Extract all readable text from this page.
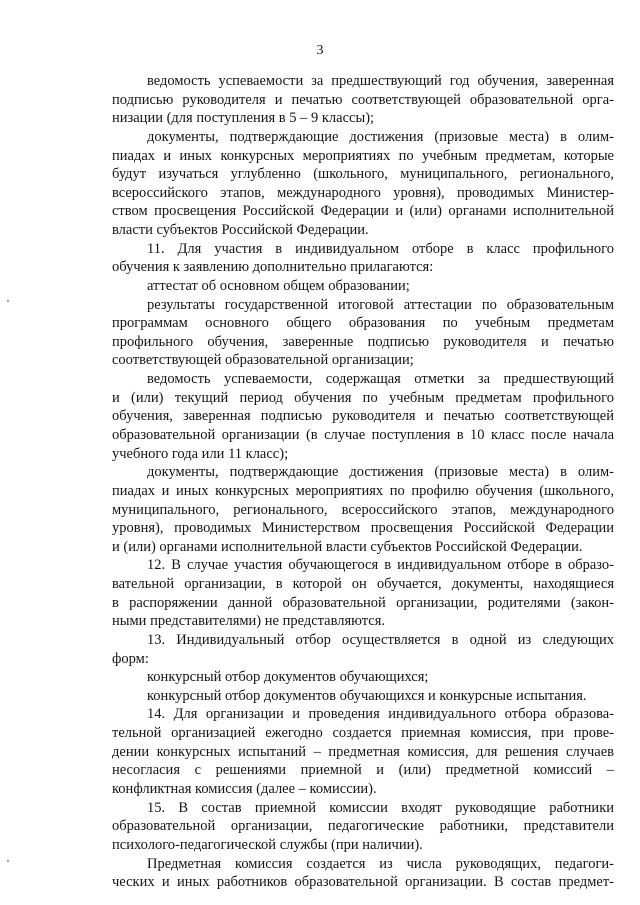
3
ведомость успеваемости за предшествующий год обучения, заверенная
подписью руководителя и печатью соответствующей образовательной орга-
низации (для поступления в 5 – 9 классы);
документы, подтверждающие достижения (призовые места) в олим-
пиадах и иных конкурсных мероприятиях по учебным предметам, которые
будут изучаться углубленно (школьного, муниципального, регионального,
всероссийского этапов, международного уровня), проводимых Министер-
ством просвещения Российской Федерации и (или) органами исполнительной
власти субъектов Российской Федерации.
11. Для участия в индивидуальном отборе в класс профильного
обучения к заявлению дополнительно прилагаются:
аттестат об основном общем образовании;
результаты государственной итоговой аттестации по образовательным
программам основного общего образования по учебным предметам
профильного обучения, заверенные подписью руководителя и печатью
соответствующей образовательной организации;
ведомость успеваемости, содержащая отметки за предшествующий
и (или) текущий период обучения по учебным предметам профильного
обучения, заверенная подписью руководителя и печатью соответствующей
образовательной организации (в случае поступления в 10 класс после начала
учебного года или 11 класс);
документы, подтверждающие достижения (призовые места) в олим-
пиадах и иных конкурсных мероприятиях по профилю обучения (школьного,
муниципального, регионального, всероссийского этапов, международного
уровня), проводимых Министерством просвещения Российской Федерации
и (или) органами исполнительной власти субъектов Российской Федерации.
12. В случае участия обучающегося в индивидуальном отборе в образо-
вательной организации, в которой он обучается, документы, находящиеся
в распоряжении данной образовательной организации, родителями (закон-
ными представителями) не представляются.
13. Индивидуальный отбор осуществляется в одной из следующих
форм:
конкурсный отбор документов обучающихся;
конкурсный отбор документов обучающихся и конкурсные испытания.
14. Для организации и проведения индивидуального отбора образова-
тельной организацией ежегодно создается приемная комиссия, при прове-
дении конкурсных испытаний – предметная комиссия, для решения случаев
несогласия с решениями приемной и (или) предметной комиссий –
конфликтная комиссия (далее – комиссии).
15. В состав приемной комиссии входят руководящие работники
образовательной организации, педагогические работники, представители
психолого-педагогической службы (при наличии).
Предметная комиссия создается из числа руководящих, педагоги-
ческих и иных работников образовательной организации. В состав предмет-
